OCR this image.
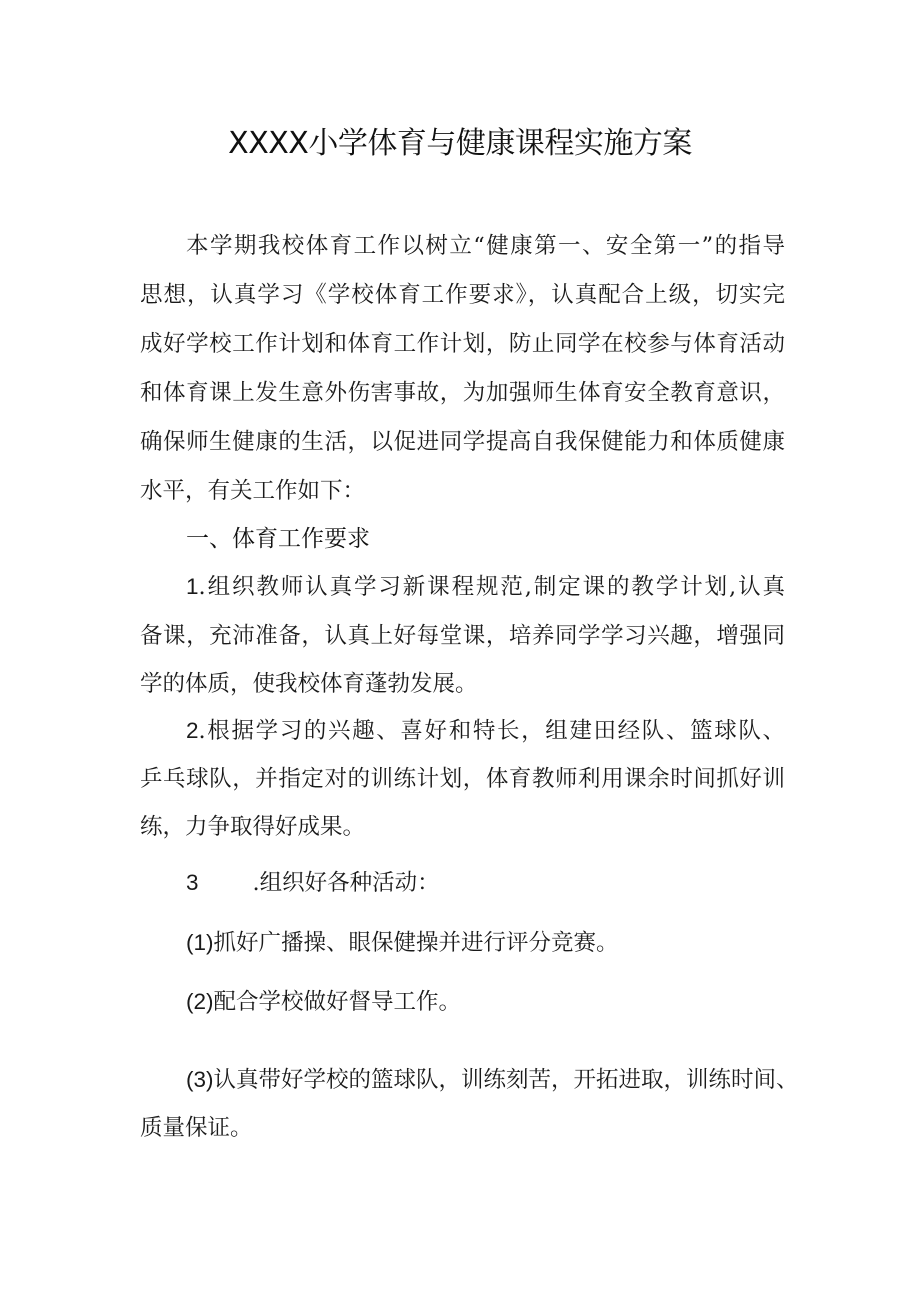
XXXX小学体育与健康课程实施方案
本学期我校体育工作以树立“健康第一、安全第一”的指导
思想，认真学习《学校体育工作要求》，认真配合上级，切实完
成好学校工作计划和体育工作计划，防止同学在校参与体育活动
和体育课上发生意外伤害事故，为加强师生体育安全教育意识，
确保师生健康的生活，以促进同学提高自我保健能力和体质健康
水平，有关工作如下：
一、体育工作要求
1.组织教师认真学习新课程规范,制定课的教学计划,认真
备课，充沛准备，认真上好每堂课，培养同学学习兴趣，增强同
学的体质，使我校体育蓬勃发展。
2.根据学习的兴趣、喜好和特长，组建田经队、篮球队、
乒乓球队，并指定对的训练计划，体育教师利用课余时间抓好训
练，力争取得好成果。
3 .组织好各种活动：
(1)抓好广播操、眼保健操并进行评分竞赛。
(2)配合学校做好督导工作。
(3)认真带好学校的篮球队，训练刻苦，开拓进取，训练时间、
质量保证。
